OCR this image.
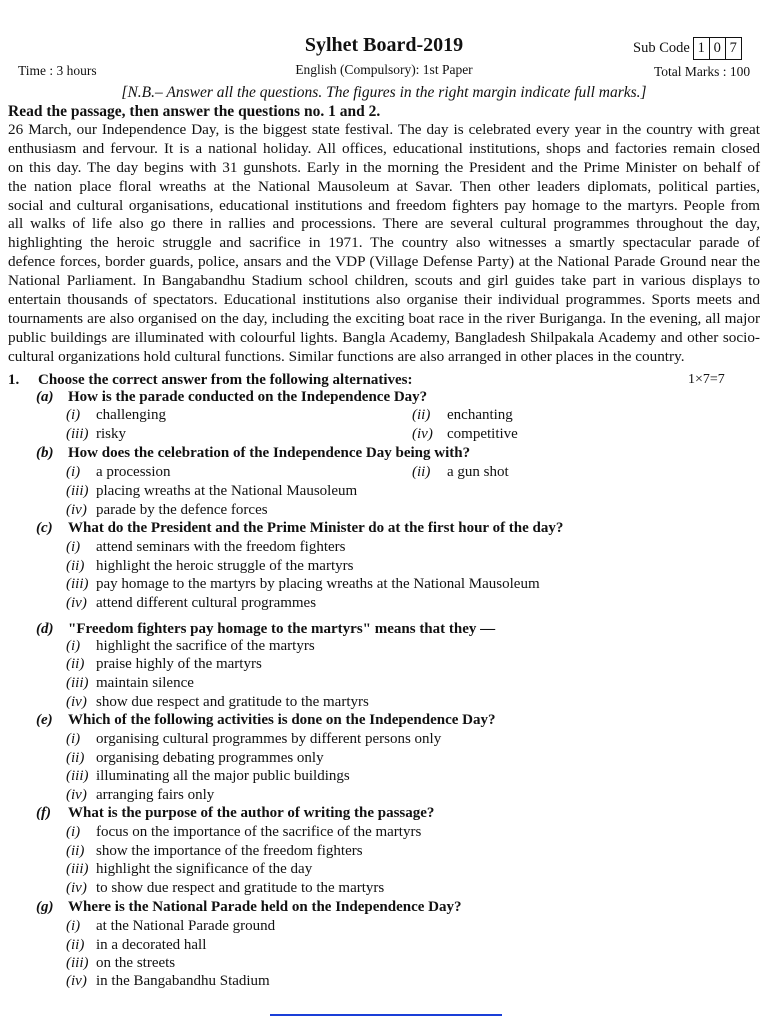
Sylhet Board-2019
English (Compulsory): 1st Paper
Time : 3 hours
Sub Code 1 0 7
Total Marks : 100
[N.B.– Answer all the questions. The figures in the right margin indicate full marks.]
Read the passage, then answer the questions no. 1 and 2.
26 March, our Independence Day, is the biggest state festival. The day is celebrated every year in the country with great
enthusiasm and fervour. It is a national holiday. All offices, educational institutions, shops and factories remain closed
on this day. The day begins with 31 gunshots. Early in the morning the President and the Prime Minister on behalf of
the nation place floral wreaths at the National Mausoleum at Savar. Then other leaders diplomats, political parties,
social and cultural organisations, educational institutions and freedom fighters pay homage to the martyrs. People from
all walks of life also go there in rallies and processions. There are several cultural programmes throughout the day,
highlighting the heroic struggle and sacrifice in 1971. The country also witnesses a smartly spectacular parade of
defence forces, border guards, police, ansars and the VDP (Village Defense Party) at the National Parade Ground near the
National Parliament. In Bangabandhu Stadium school children, scouts and girl guides take part in various displays to
entertain thousands of spectators. Educational institutions also organise their individual programmes. Sports meets and
tournaments are also organised on the day, including the exciting boat race in the river Buriganga. In the evening, all major
public buildings are illuminated with colourful lights. Bangla Academy, Bangladesh Shilpakala Academy and other socio-
cultural organizations hold cultural functions. Similar functions are also arranged in other places in the country.
1. Choose the correct answer from the following alternatives:	1×7=7
(a) How is the parade conducted on the Independence Day?
(i) challenging	(ii) enchanting
(iii) risky	(iv) competitive
(b) How does the celebration of the Independence Day being with?
(i) a procession	(ii) a gun shot
(iii) placing wreaths at the National Mausoleum
(iv) parade by the defence forces
(c) What do the President and the Prime Minister do at the first hour of the day?
(i) attend seminars with the freedom fighters
(ii) highlight the heroic struggle of the martyrs
(iii) pay homage to the martyrs by placing wreaths at the National Mausoleum
(iv) attend different cultural programmes
(d) "Freedom fighters pay homage to the martyrs" means that they —
(i) highlight the sacrifice of the martyrs
(ii) praise highly of the martyrs
(iii) maintain silence
(iv) show due respect and gratitude to the martyrs
(e) Which of the following activities is done on the Independence Day?
(i) organising cultural programmes by different persons only
(ii) organising debating programmes only
(iii) illuminating all the major public buildings
(iv) arranging fairs only
(f) What is the purpose of the author of writing the passage?
(i) focus on the importance of the sacrifice of the martyrs
(ii) show the importance of the freedom fighters
(iii) highlight the significance of the day
(iv) to show due respect and gratitude to the martyrs
(g) Where is the National Parade held on the Independence Day?
(i) at the National Parade ground
(ii) in a decorated hall
(iii) on the streets
(iv) in the Bangabandhu Stadium
